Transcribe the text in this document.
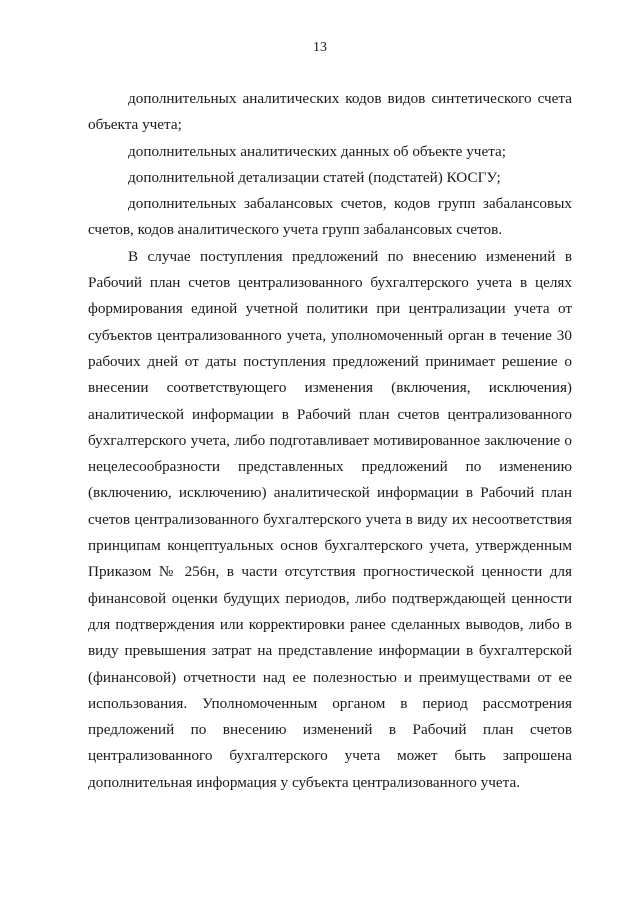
13

дополнительных аналитических кодов видов синтетического счета объекта учета;

дополнительных аналитических данных об объекте учета;

дополнительной детализации статей (подстатей) КОСГУ;

дополнительных забалансовых счетов, кодов групп забалансовых счетов, кодов аналитического учета групп забалансовых счетов.

В случае поступления предложений по внесению изменений в Рабочий план счетов централизованного бухгалтерского учета в целях формирования единой учетной политики при централизации учета от субъектов централизованного учета, уполномоченный орган в течение 30 рабочих дней от даты поступления предложений принимает решение о внесении соответствующего изменения (включения, исключения) аналитической информации в Рабочий план счетов централизованного бухгалтерского учета, либо подготавливает мотивированное заключение о нецелесообразности представленных предложений по изменению (включению, исключению) аналитической информации в Рабочий план счетов централизованного бухгалтерского учета в виду их несоответствия принципам концептуальных основ бухгалтерского учета, утвержденным Приказом № 256н, в части отсутствия прогностической ценности для финансовой оценки будущих периодов, либо подтверждающей ценности для подтверждения или корректировки ранее сделанных выводов, либо в виду превышения затрат на представление информации в бухгалтерской (финансовой) отчетности над ее полезностью и преимуществами от ее использования. Уполномоченным органом в период рассмотрения предложений по внесению изменений в Рабочий план счетов централизованного бухгалтерского учета может быть запрошена дополнительная информация у субъекта централизованного учета.
